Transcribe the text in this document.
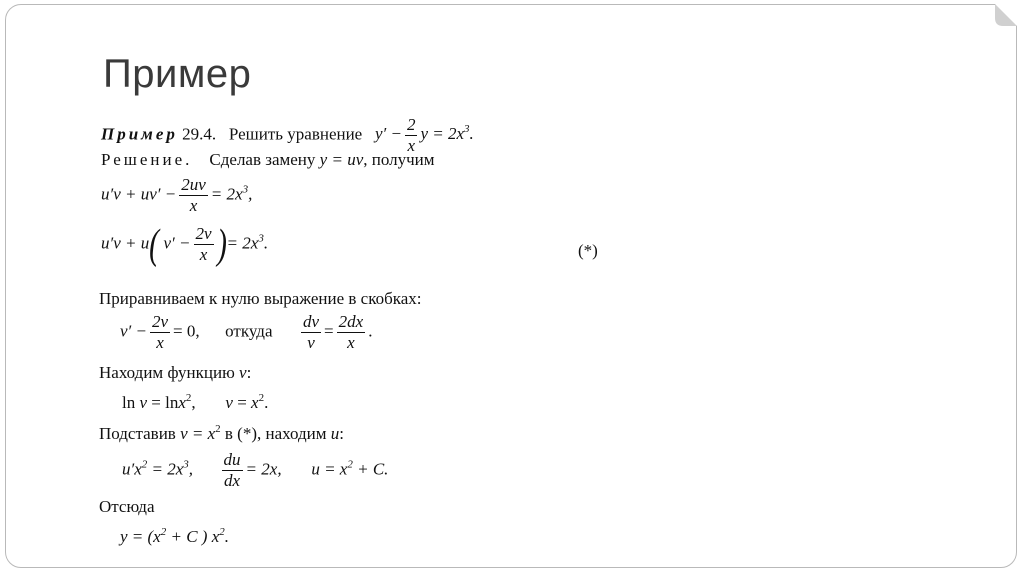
Пример
Пример 29.4. Решить уравнение $y' - \frac{2}{x}$ $y = 2x^3$.
Решение. Сделав замену y = uv, получим
$u'v + uv' - \frac{2uv}{x} = 2x^3$,
u′v + u( $v' - \frac{2v}{x}$ )= $2x^3$.	(*)
Приравниваем к нулю выражение в скобках:
$v' - \frac{2v}{x} = 0$, откуда $\frac{dv}{v} = \frac{2dx}{x}$ .
Находим функцию v:
ln v = lnx$^2$,       $v = x^2$.
Подставив $v = x^2$ в (*), находим u:
$u'x^2 = 2x^3$, $\frac{du}{dx} = 2x$,       $u = x^2 + C$.
Отсюда
$y = (x^2 + C$ ) $x^2$.
